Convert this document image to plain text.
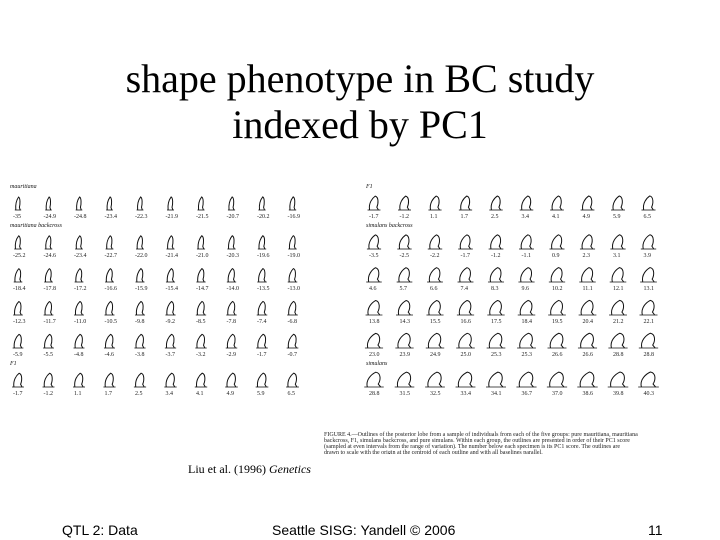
shape phenotype in BC study
indexed by PC1
mauritiana
-35	-24.9	-24.8	-23.4	-22.3	-21.9	-21.5	-20.7	-20.2	-16.9
mauritiana backcross
-25.2	-24.6	-23.4	-22.7	-22.0	-21.4	-21.0	-20.3	-19.6	-19.0
-18.4	-17.8	-17.2	-16.6	-15.9	-15.4	-14.7	-14.0	-13.5	-13.0
-12.3	-11.7	-11.0	-10.5	-9.8	-9.2	-8.5	-7.8	-7.4	-6.8
-5.9	-5.5	-4.8	-4.6	-3.8	-3.7	-3.2	-2.9	-1.7	-0.7
F1
-1.7	-1.2	1.1	1.7	2.5	3.4	4.1	4.9	5.9	6.5
F1
-1.7	-1.2	1.1	1.7	2.5	3.4	4.1	4.9	5.9	6.5
simulans backcross
-3.5	-2.5	-2.2	-1.7	-1.2	-1.1	0.9	2.3	3.1	3.9
4.6	5.7	6.6	7.4	8.3	9.6	10.2	11.1	12.1	13.1
13.8	14.3	15.5	16.6	17.5	18.4	19.5	20.4	21.2	22.1
23.0	23.9	24.9	25.0	25.3	25.3	26.6	26.6	28.8	28.8
simulans
28.8	31.5	32.5	33.4	34.1	36.7	37.0	38.6	39.8	40.3
FIGURE 4.—Outlines of the posterior lobe from a sample of individuals from each of the five groups: pure mauritiana, mauritiana
backcross, F1, simulans backcross, and pure simulans. Within each group, the outlines are presented in order of their PC1 score
(sampled at even intervals from the range of variation). The number below each specimen is its PC1 score. The outlines are
drawn to scale with the origin at the centroid of each outline and with all baselines parallel.
Liu et al. (1996) Genetics
QTL 2: Data	Seattle SISG: Yandell © 2006	11
